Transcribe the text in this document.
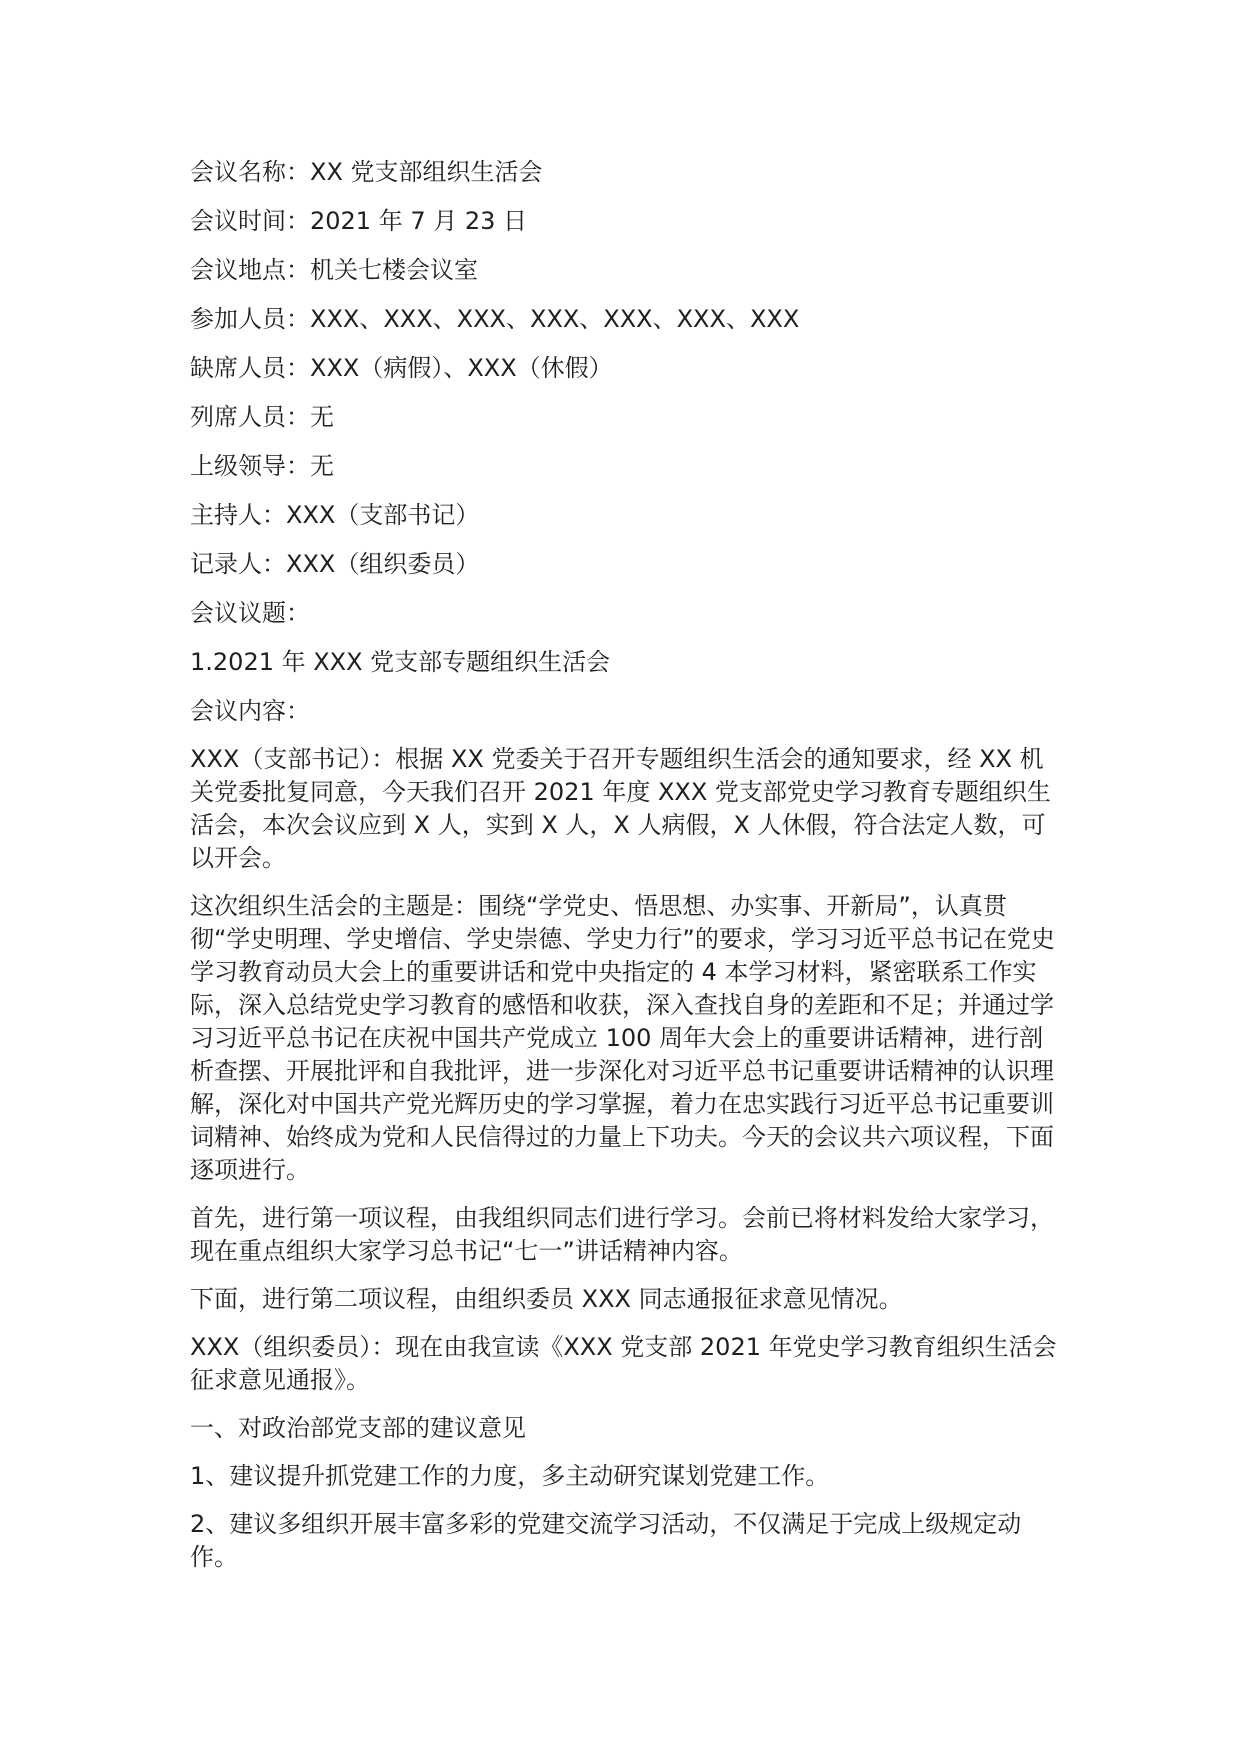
会议名称：XX 党支部组织生活会
会议时间：2021 年 7 月 23 日
会议地点：机关七楼会议室
参加人员：XXX、XXX、XXX、XXX、XXX、XXX、XXX
缺席人员：XXX（病假）、XXX（休假）
列席人员：无
上级领导：无
主持人：XXX（支部书记）
记录人：XXX（组织委员）
会议议题：
1.2021 年 XXX 党支部专题组织生活会
会议内容：

XXX（支部书记）：根据 XX 党委关于召开专题组织生活会的通知要求，经 XX 机关党委批复同意，今天我们召开 2021 年度 XXX 党支部党史学习教育专题组织生活会，本次会议应到 X 人，实到 X 人，X 人病假，X 人休假，符合法定人数，可以开会。

这次组织生活会的主题是：围绕“学党史、悟思想、办实事、开新局”，认真贯彻“学史明理、学史增信、学史崇德、学史力行”的要求，学习习近平总书记在党史学习教育动员大会上的重要讲话和党中央指定的 4 本学习材料，紧密联系工作实际，深入总结党史学习教育的感悟和收获，深入查找自身的差距和不足；并通过学习习近平总书记在庆祝中国共产党成立 100 周年大会上的重要讲话精神，进行剖析查摆、开展批评和自我批评，进一步深化对习近平总书记重要讲话精神的认识理解，深化对中国共产党光辉历史的学习掌握，着力在忠实践行习近平总书记重要训词精神、始终成为党和人民信得过的力量上下功夫。今天的会议共六项议程，下面逐项进行。

首先，进行第一项议程，由我组织同志们进行学习。会前已将材料发给大家学习，现在重点组织大家学习总书记“七一”讲话精神内容。

下面，进行第二项议程，由组织委员 XXX 同志通报征求意见情况。

XXX（组织委员）：现在由我宣读《XXX 党支部 2021 年党史学习教育组织生活会征求意见通报》。

一、对政治部党支部的建议意见

1、建议提升抓党建工作的力度，多主动研究谋划党建工作。

2、建议多组织开展丰富多彩的党建交流学习活动，不仅满足于完成上级规定动作。
